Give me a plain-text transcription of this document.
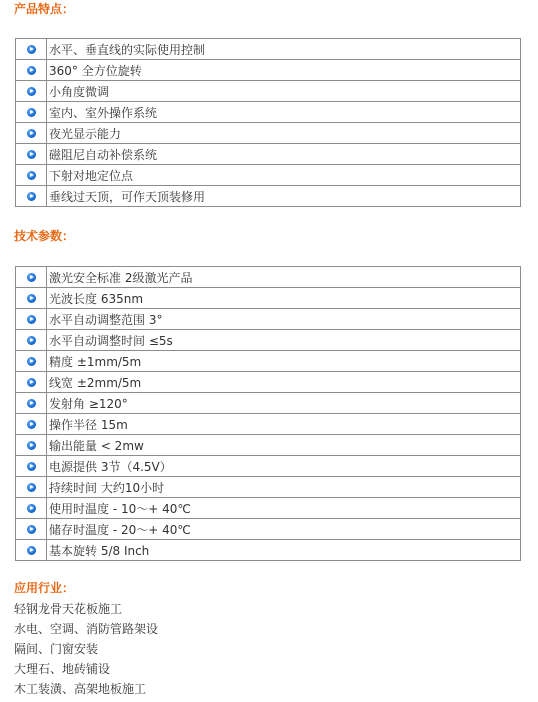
产品特点：
	水平、垂直线的实际使用控制
	360° 全方位旋转
	小角度微调
	室内、室外操作系统
	夜光显示能力
	磁阻尼自动补偿系统
	下射对地定位点
	垂线过天顶，可作天顶装修用
技术参数：
	激光安全标准 2级激光产品
	光波长度 635nm
	水平自动调整范围 3°
	水平自动调整时间 ≤5s
	精度 ±1mm/5m
	线宽 ±2mm/5m
	发射角 ≥120°
	操作半径 15m
	输出能量 < 2mw
	电源提供 3节（4.5V）
	持续时间 大约10小时
	使用时温度 - 10～+ 40℃
	储存时温度 - 20～+ 40℃
	基本旋转 5/8 Inch
应用行业：
轻钢龙骨天花板施工
水电、空调、消防管路架设
隔间、门窗安装
大理石、地砖铺设
木工装潢、高架地板施工
